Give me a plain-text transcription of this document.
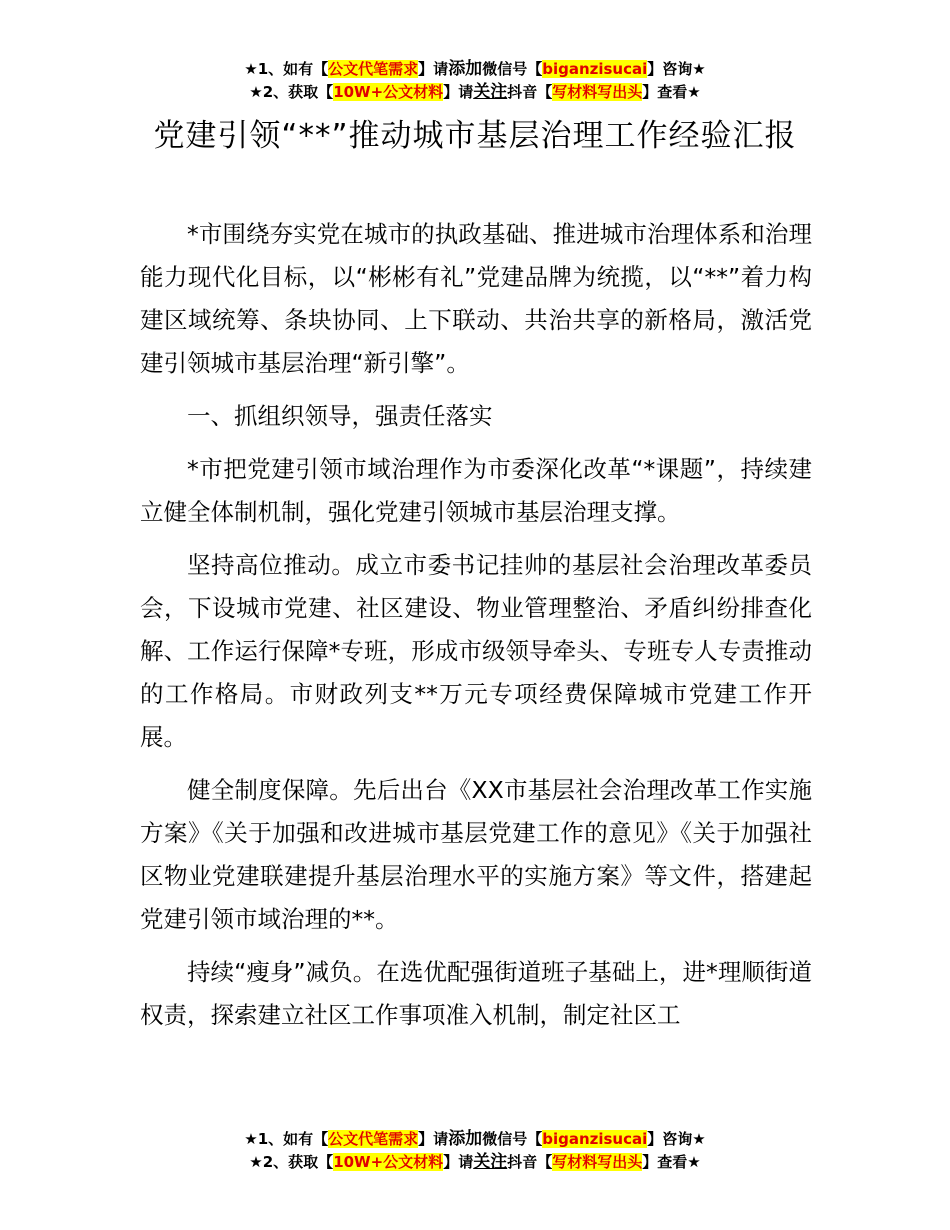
★1、如有【公文代笔需求】请添加微信号【biganzisucai】咨询★
★2、获取【10W+公文材料】请关注抖音【写材料写出头】查看★
党建引领“**”推动城市基层治理工作经验汇报

*市围绕夯实党在城市的执政基础、推进城市治理体系和治理能力现代化目标，以“彬彬有礼”党建品牌为统揽，以“**”着力构建区域统筹、条块协同、上下联动、共治共享的新格局，激活党建引领城市基层治理“新引擎”。

一、抓组织领导，强责任落实

*市把党建引领市域治理作为市委深化改革“*课题”，持续建立健全体制机制，强化党建引领城市基层治理支撑。

坚持高位推动。成立市委书记挂帅的基层社会治理改革委员会，下设城市党建、社区建设、物业管理整治、矛盾纠纷排查化解、工作运行保障*专班，形成市级领导牵头、专班专人专责推动的工作格局。市财政列支**万元专项经费保障城市党建工作开展。

健全制度保障。先后出台《XX市基层社会治理改革工作实施方案》《关于加强和改进城市基层党建工作的意见》《关于加强社区物业党建联建提升基层治理水平的实施方案》等文件，搭建起党建引领市域治理的**。

持续“瘦身”减负。在选优配强街道班子基础上，进*理顺街道权责，探索建立社区工作事项准入机制，制定社区工

★1、如有【公文代笔需求】请添加微信号【biganzisucai】咨询★
★2、获取【10W+公文材料】请关注抖音【写材料写出头】查看★
